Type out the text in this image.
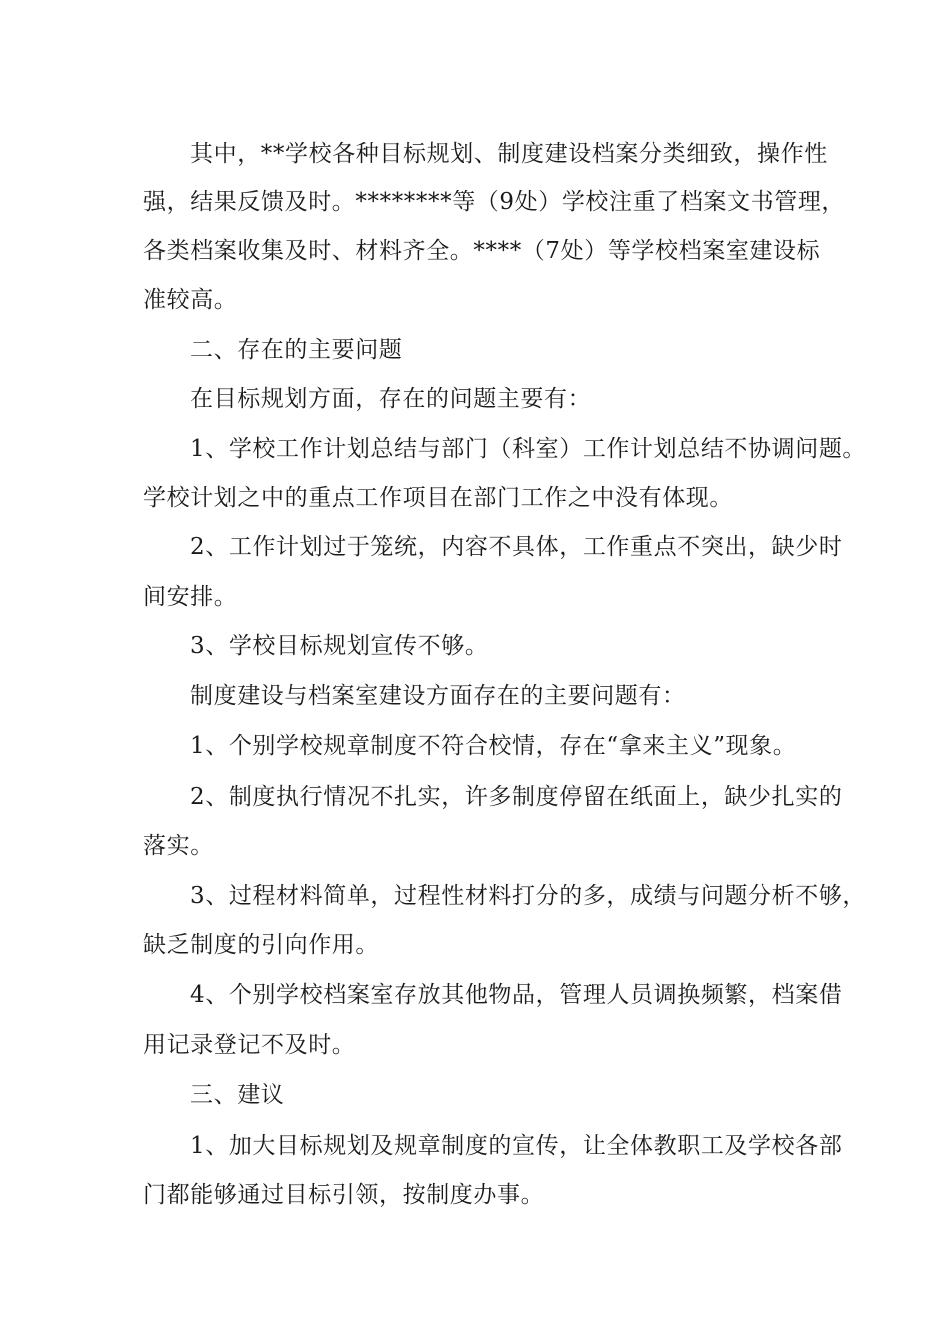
其中，**学校各种目标规划、制度建设档案分类细致，操作性

强，结果反馈及时。********等（9处）学校注重了档案文书管理，

各类档案收集及时、材料齐全。****（7处）等学校档案室建设标

准较高。

二、存在的主要问题

在目标规划方面，存在的问题主要有：

1、学校工作计划总结与部门（科室）工作计划总结不协调问题。

学校计划之中的重点工作项目在部门工作之中没有体现。

2、工作计划过于笼统，内容不具体，工作重点不突出，缺少时

间安排。

3、学校目标规划宣传不够。

制度建设与档案室建设方面存在的主要问题有：

1、个别学校规章制度不符合校情，存在“拿来主义”现象。

2、制度执行情况不扎实，许多制度停留在纸面上，缺少扎实的

落实。

3、过程材料简单，过程性材料打分的多，成绩与问题分析不够，

缺乏制度的引向作用。

4、个别学校档案室存放其他物品，管理人员调换频繁，档案借

用记录登记不及时。

三、建议

1、加大目标规划及规章制度的宣传，让全体教职工及学校各部

门都能够通过目标引领，按制度办事。
